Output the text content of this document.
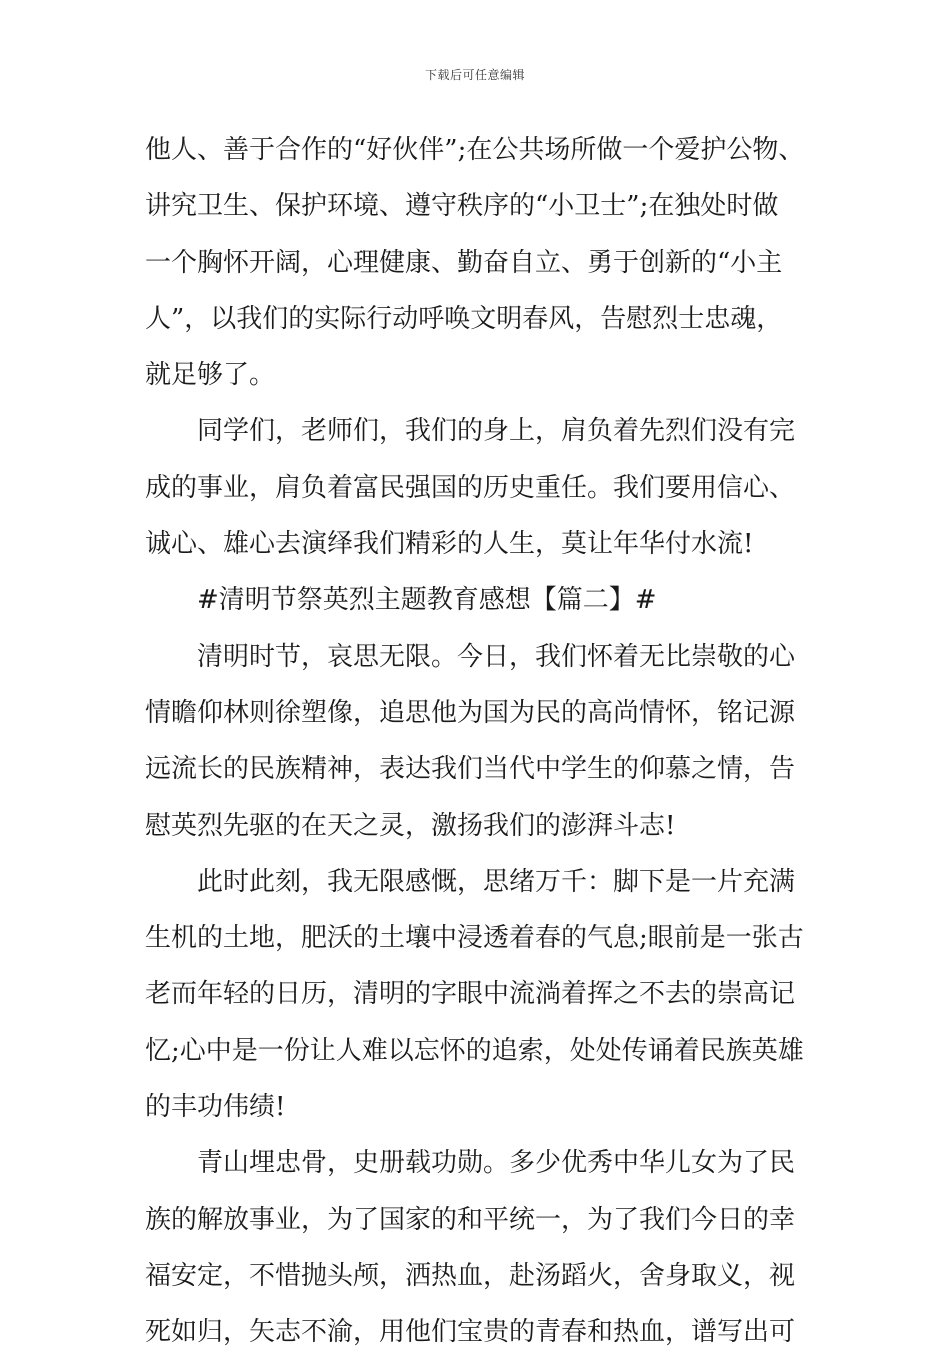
下载后可任意编辑
他人、善于合作的“好伙伴”;在公共场所做一个爱护公物、
讲究卫生、保护环境、遵守秩序的“小卫士”;在独处时做
一个胸怀开阔，心理健康、勤奋自立、勇于创新的“小主
人”，以我们的实际行动呼唤文明春风，告慰烈士忠魂，
就足够了。
同学们，老师们，我们的身上，肩负着先烈们没有完
成的事业，肩负着富民强国的历史重任。我们要用信心、
诚心、雄心去演绎我们精彩的人生，莫让年华付水流!
#清明节祭英烈主题教育感想【篇二】#
清明时节，哀思无限。今日，我们怀着无比崇敬的心
情瞻仰林则徐塑像，追思他为国为民的高尚情怀，铭记源
远流长的民族精神，表达我们当代中学生的仰慕之情，告
慰英烈先驱的在天之灵，激扬我们的澎湃斗志!
此时此刻，我无限感慨，思绪万千：脚下是一片充满
生机的土地，肥沃的土壤中浸透着春的气息;眼前是一张古
老而年轻的日历，清明的字眼中流淌着挥之不去的崇高记
忆;心中是一份让人难以忘怀的追索，处处传诵着民族英雄
的丰功伟绩!
青山埋忠骨，史册载功勋。多少优秀中华儿女为了民
族的解放事业，为了国家的和平统一，为了我们今日的幸
福安定，不惜抛头颅，洒热血，赴汤蹈火，舍身取义，视
死如归，矢志不渝，用他们宝贵的青春和热血，谱写出可
